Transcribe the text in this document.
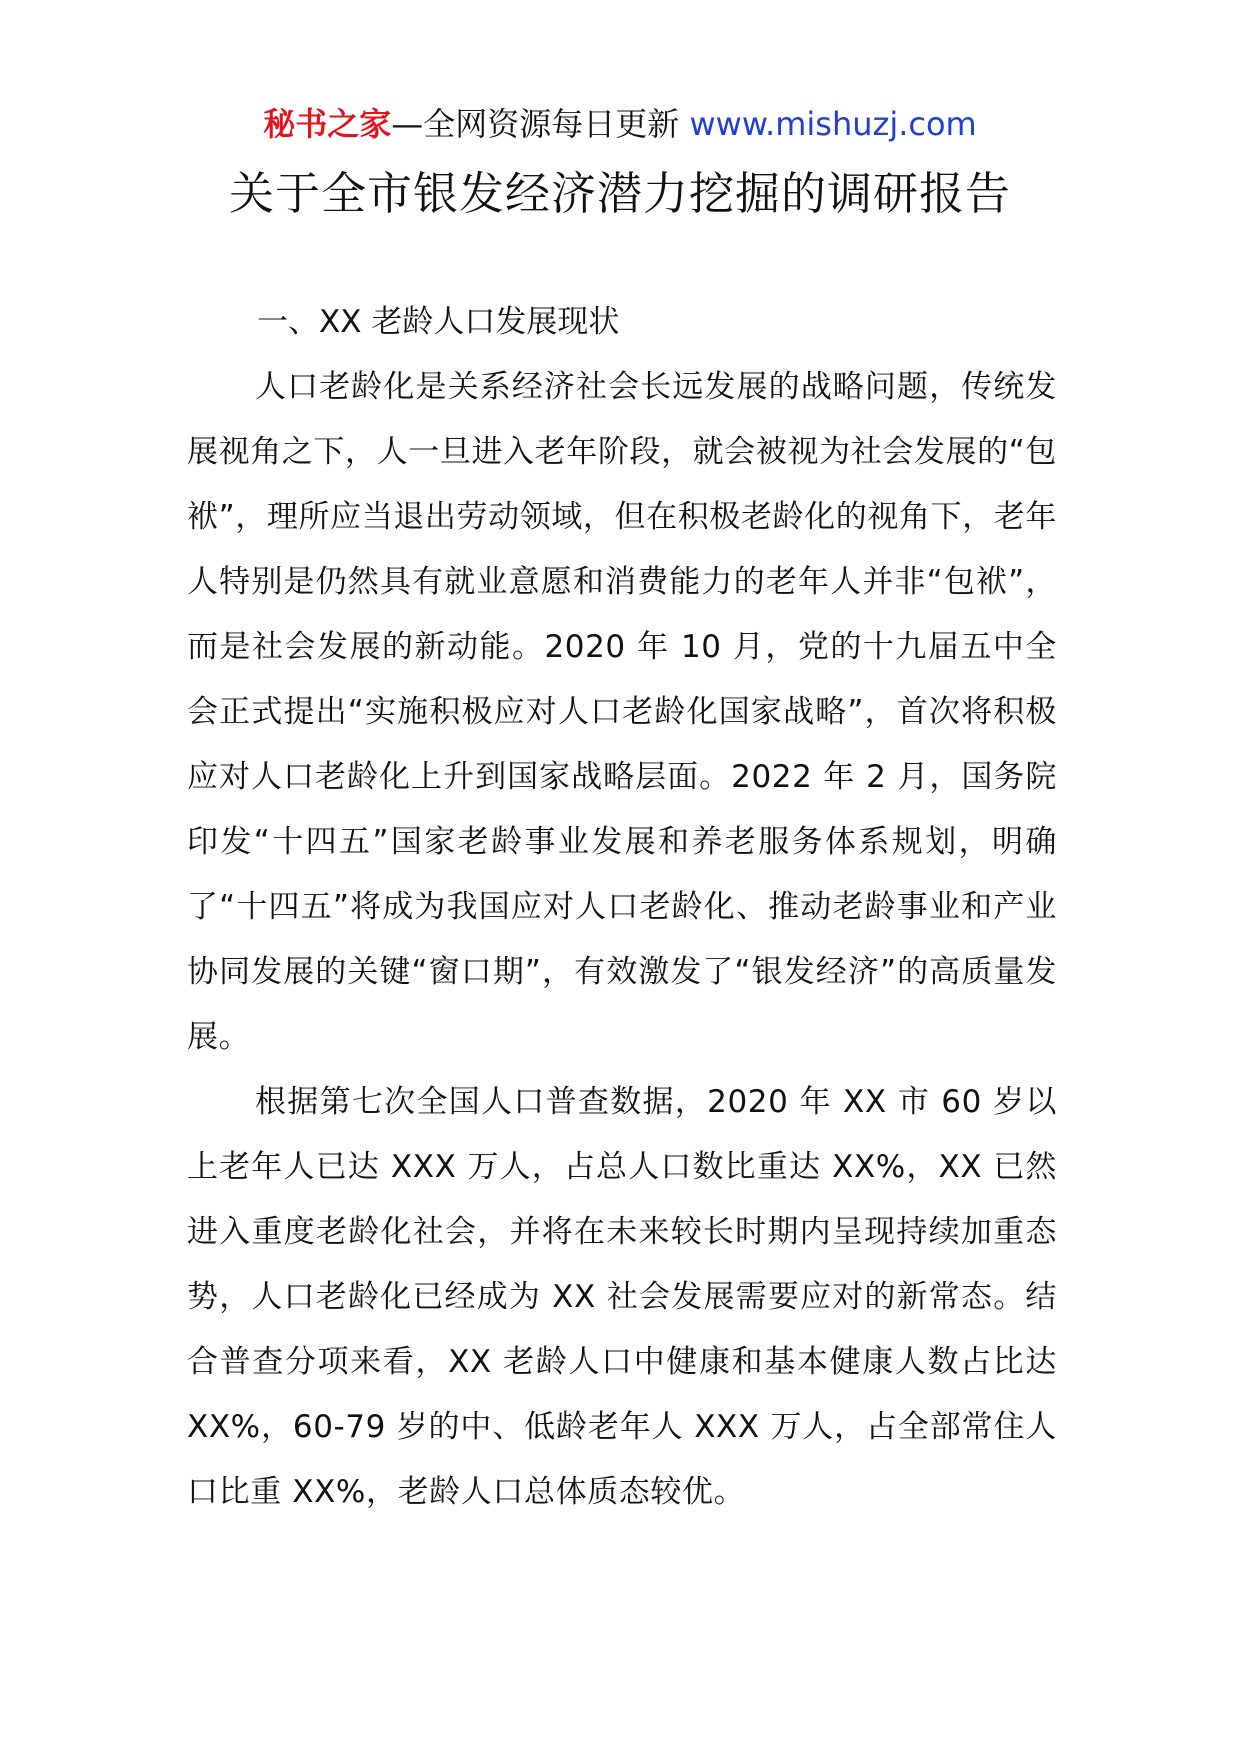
秘书之家—全网资源每日更新 www.mishuzj.com
关于全市银发经济潜力挖掘的调研报告
一、XX 老龄人口发展现状

人口老龄化是关系经济社会长远发展的战略问题，传统发展视角之下，人一旦进入老年阶段，就会被视为社会发展的“包袱”，理所应当退出劳动领域，但在积极老龄化的视角下，老年人特别是仍然具有就业意愿和消费能力的老年人并非“包袱”，而是社会发展的新动能。2020 年 10 月，党的十九届五中全会正式提出“实施积极应对人口老龄化国家战略”，首次将积极应对人口老龄化上升到国家战略层面。2022 年 2 月，国务院印发“十四五”国家老龄事业发展和养老服务体系规划，明确了“十四五”将成为我国应对人口老龄化、推动老龄事业和产业协同发展的关键“窗口期”，有效激发了“银发经济”的高质量发展。

根据第七次全国人口普查数据，2020 年 XX 市 60 岁以上老年人已达 XXX 万人，占总人口数比重达 XX%，XX 已然进入重度老龄化社会，并将在未来较长时期内呈现持续加重态势，人口老龄化已经成为 XX 社会发展需要应对的新常态。结合普查分项来看，XX 老龄人口中健康和基本健康人数占比达 XX%，60-79 岁的中、低龄老年人 XXX 万人，占全部常住人口比重 XX%，老龄人口总体质态较优。
